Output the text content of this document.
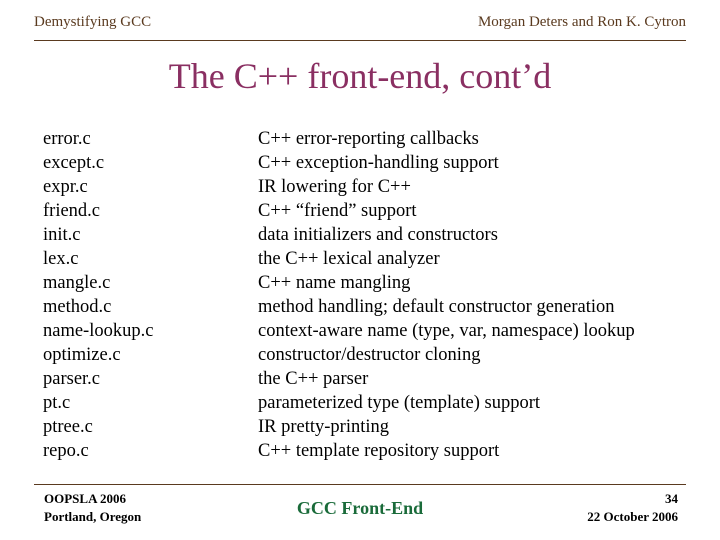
Demystifying GCC	Morgan Deters and Ron K. Cytron
The C++ front-end, cont’d
error.c	C++ error-reporting callbacks
except.c	C++ exception-handling support
expr.c	IR lowering for C++
friend.c	C++ “friend” support
init.c	data initializers and constructors
lex.c	the C++ lexical analyzer
mangle.c	C++ name mangling
method.c	method handling; default constructor generation
name-lookup.c	context-aware name (type, var, namespace) lookup
optimize.c	constructor/destructor cloning
parser.c	the C++ parser
pt.c	parameterized type (template) support
ptree.c	IR pretty-printing
repo.c	C++ template repository support
OOPSLA 2006
Portland, Oregon	GCC Front-End	34
22 October 2006
